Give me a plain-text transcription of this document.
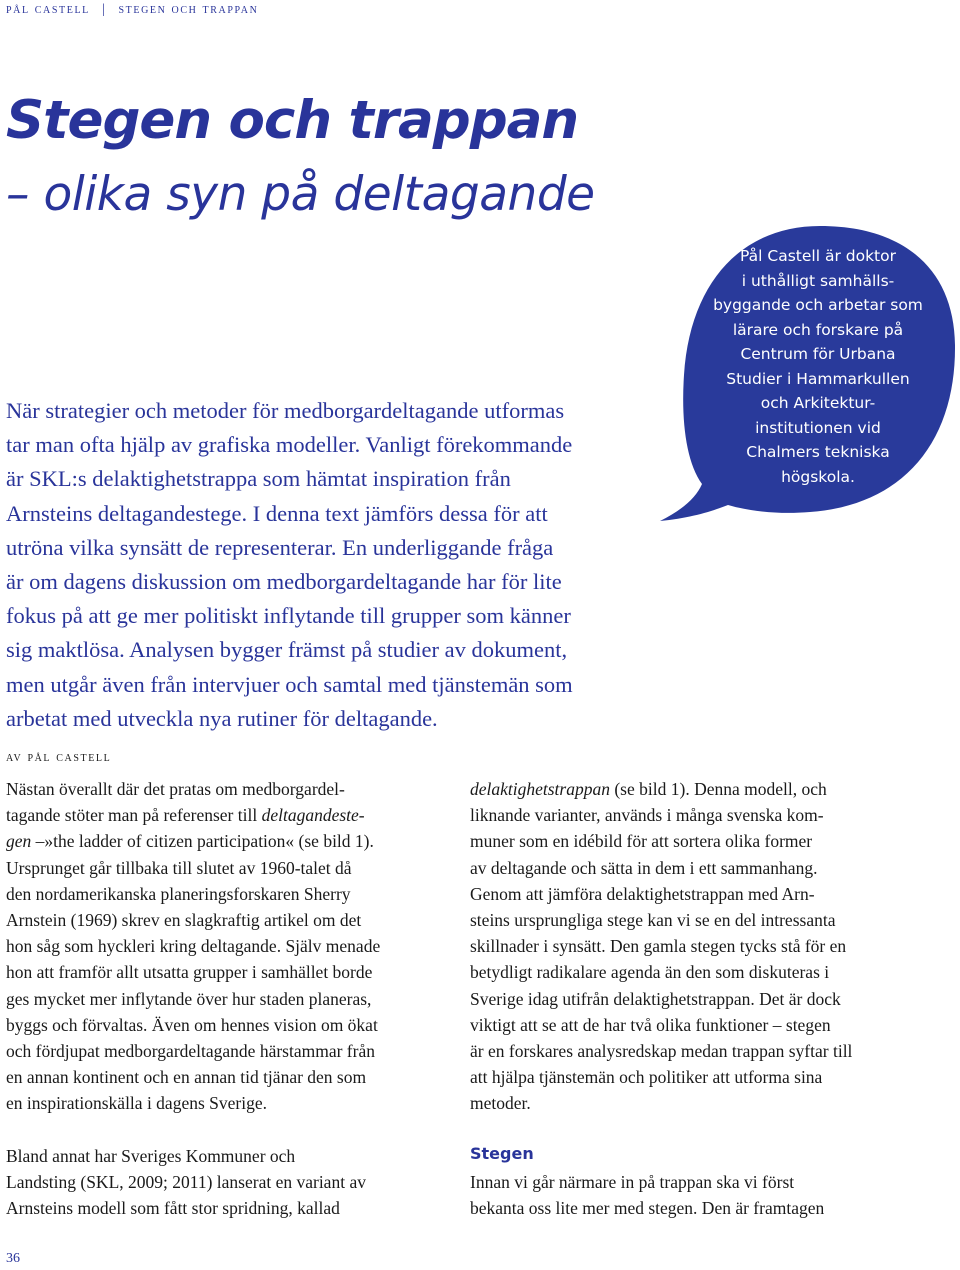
pål castell | stegen och trappan
Stegen och trappan
– olika syn på deltagande
Pål Castell är doktor
i uthålligt samhälls-
byggande och arbetar som
lärare och forskare på
Centrum för Urbana
Studier i Hammarkullen
och Arkitektur-
institutionen vid
Chalmers tekniska
högskola.
När strategier och metoder för medborgardeltagande utformas
tar man ofta hjälp av grafiska modeller. Vanligt förekommande
är SKL:s delaktighetstrappa som hämtat inspiration från
Arnsteins deltagandestege. I denna text jämförs dessa för att
utröna vilka synsätt de representerar. En underliggande fråga
är om dagens diskussion om medborgardeltagande har för lite
fokus på att ge mer politiskt inflytande till grupper som känner
sig maktlösa. Analysen bygger främst på studier av dokument,
men utgår även från intervjuer och samtal med tjänstemän som
arbetat med utveckla nya rutiner för deltagande.
av pål castell

Nästan överallt där det pratas om medborgardel-
tagande stöter man på referenser till deltagandeste-
gen –»the ladder of citizen participation« (se bild 1).
Ursprunget går tillbaka till slutet av 1960-talet då
den nordamerikanska planeringsforskaren Sherry
Arnstein (1969) skrev en slagkraftig artikel om det
hon såg som hyckleri kring deltagande. Själv menade
hon att framför allt utsatta grupper i samhället borde
ges mycket mer inflytande över hur staden planeras,
byggs och förvaltas. Även om hennes vision om ökat
och fördjupat medborgardeltagande härstammar från
en annan kontinent och en annan tid tjänar den som
en inspirationskälla i dagens Sverige.

Bland annat har Sveriges Kommuner och
Landsting (SKL, 2009; 2011) lanserat en variant av
Arnsteins modell som fått stor spridning, kallad

delaktighetstrappan (se bild 1). Denna modell, och
liknande varianter, används i många svenska kom-
muner som en idébild för att sortera olika former
av deltagande och sätta in dem i ett sammanhang.
Genom att jämföra delaktighetstrappan med Arn-
steins ursprungliga stege kan vi se en del intressanta
skillnader i synsätt. Den gamla stegen tycks stå för en
betydligt radikalare agenda än den som diskuteras i
Sverige idag utifrån delaktighetstrappan. Det är dock
viktigt att se att de har två olika funktioner – stegen
är en forskares analysredskap medan trappan syftar till
att hjälpa tjänstemän och politiker att utforma sina
metoder.

Stegen

Innan vi går närmare in på trappan ska vi först
bekanta oss lite mer med stegen. Den är framtagen

36
